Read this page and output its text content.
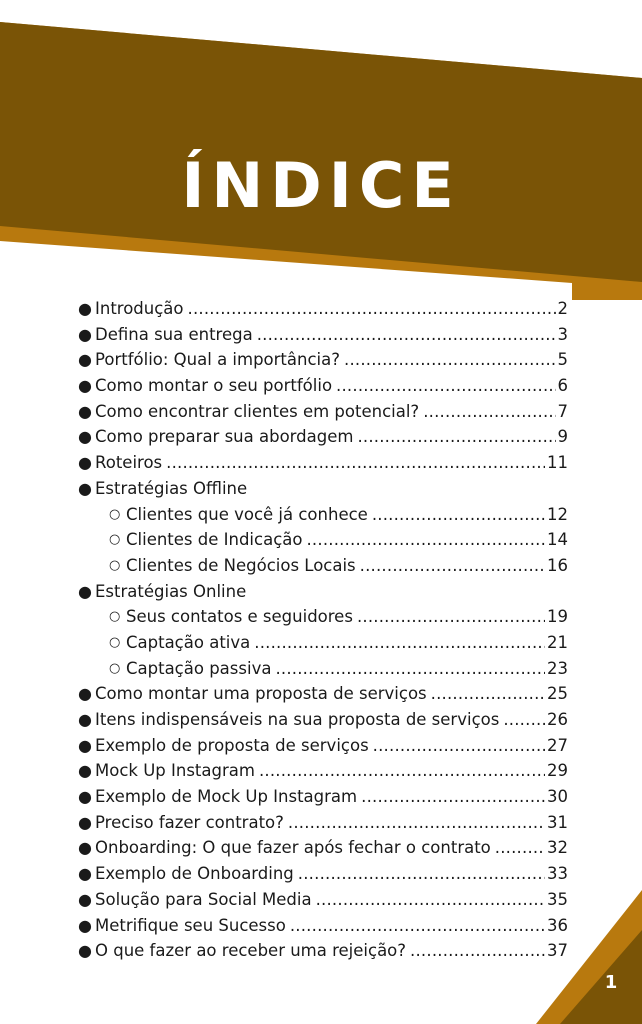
ÍNDICE
● Introdução .....	2
● Defina sua entrega .....	3
● Portfólio: Qual a importância? .....	5
● Como montar o seu portfólio .....	6
● Como encontrar clientes em potencial? .....	7
● Como preparar sua abordagem .....	9
● Roteiros .....	11
● Estratégias Offline
○ Clientes que você já conhece .....	12
○ Clientes de Indicação .....	14
○ Clientes de Negócios Locais .....	16
● Estratégias Online
○ Seus contatos e seguidores .....	19
○ Captação ativa .....	21
○ Captação passiva .....	23
● Como montar uma proposta de serviços .....	25
● Itens indispensáveis na sua proposta de serviços .....	26
● Exemplo de proposta de serviços .....	27
● Mock Up Instagram .....	29
● Exemplo de Mock Up Instagram .....	30
● Preciso fazer contrato? .....	31
● Onboarding: O que fazer após fechar o contrato .....	32
● Exemplo de Onboarding .....	33
● Solução para Social Media .....	35
● Metrifique seu Sucesso .....	36
● O que fazer ao receber uma rejeição? .....	37
1
